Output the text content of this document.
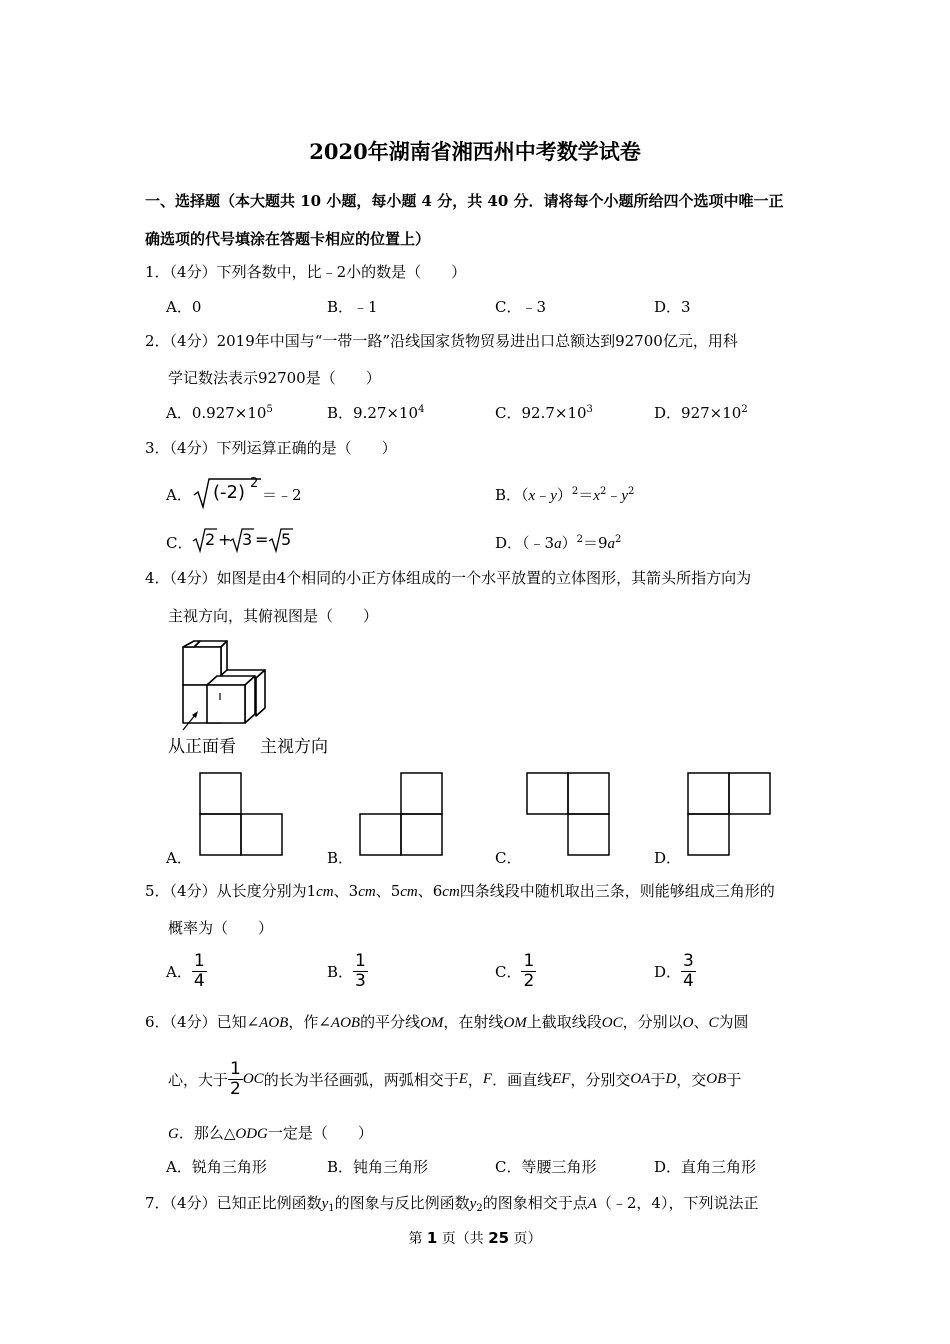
2020年湖南省湘西州中考数学试卷
一、选择题（本大题共 10 小题，每小题 4 分，共 40 分．请将每个小题所给四个选项中唯一正
确选项的代号填涂在答题卡相应的位置上）
1．（4分）下列各数中，比﹣2小的数是（　　）
A．0	B．﹣1	C．﹣3	D．3
2．（4分）2019年中国与“一带一路”沿线国家货物贸易进出口总额达到92700亿元，用科
学记数法表示92700是（　　）
A．$0.927\times 10^5$	B．$9.27\times 10^4$	C．$92.7\times 10^3$	D．$927\times 10^2$
3．（4分）下列运算正确的是（　　）
A． (-2) 2
＝﹣2	B．$(x﹣y)^2=x^2﹣y^2$
C． 2 + 3 = 5	D．$(﹣3a)^2=9a^2$
4．（4分）如图是由4个相同的小正方体组成的一个水平放置的立体图形，其箭头所指方向为
主视方向，其俯视图是（　　）
从正面看 主视方向
A．	B．	C．	D．
5．（4分）从长度分别为1cm、3cm、5cm、6cm四条线段中随机取出三条，则能够组成三角形的
概率为（　　）
A． $\frac{1}{4}$	B． $\frac{1}{3}$	C． $\frac{1}{2}$	D． $\frac{3}{4}$
6．（4分）已知∠AOB，作∠AOB的平分线OM，在射线OM上截取线段OC，分别以O、C为圆
心，大于 $\frac{1}{2}$ OC的长为半径画弧，两弧相交于E，F．画直线EF，分别交OA于D，交OB于
G．那么△ODG一定是（　　）
A．锐角三角形	B．钝角三角形	C．等腰三角形	D．直角三角形
7．（4分）已知正比例函数$y_1$的图象与反比例函数$y_2$的图象相交于点A（﹣2，4），下列说法正
第 1 页（共 25 页）
